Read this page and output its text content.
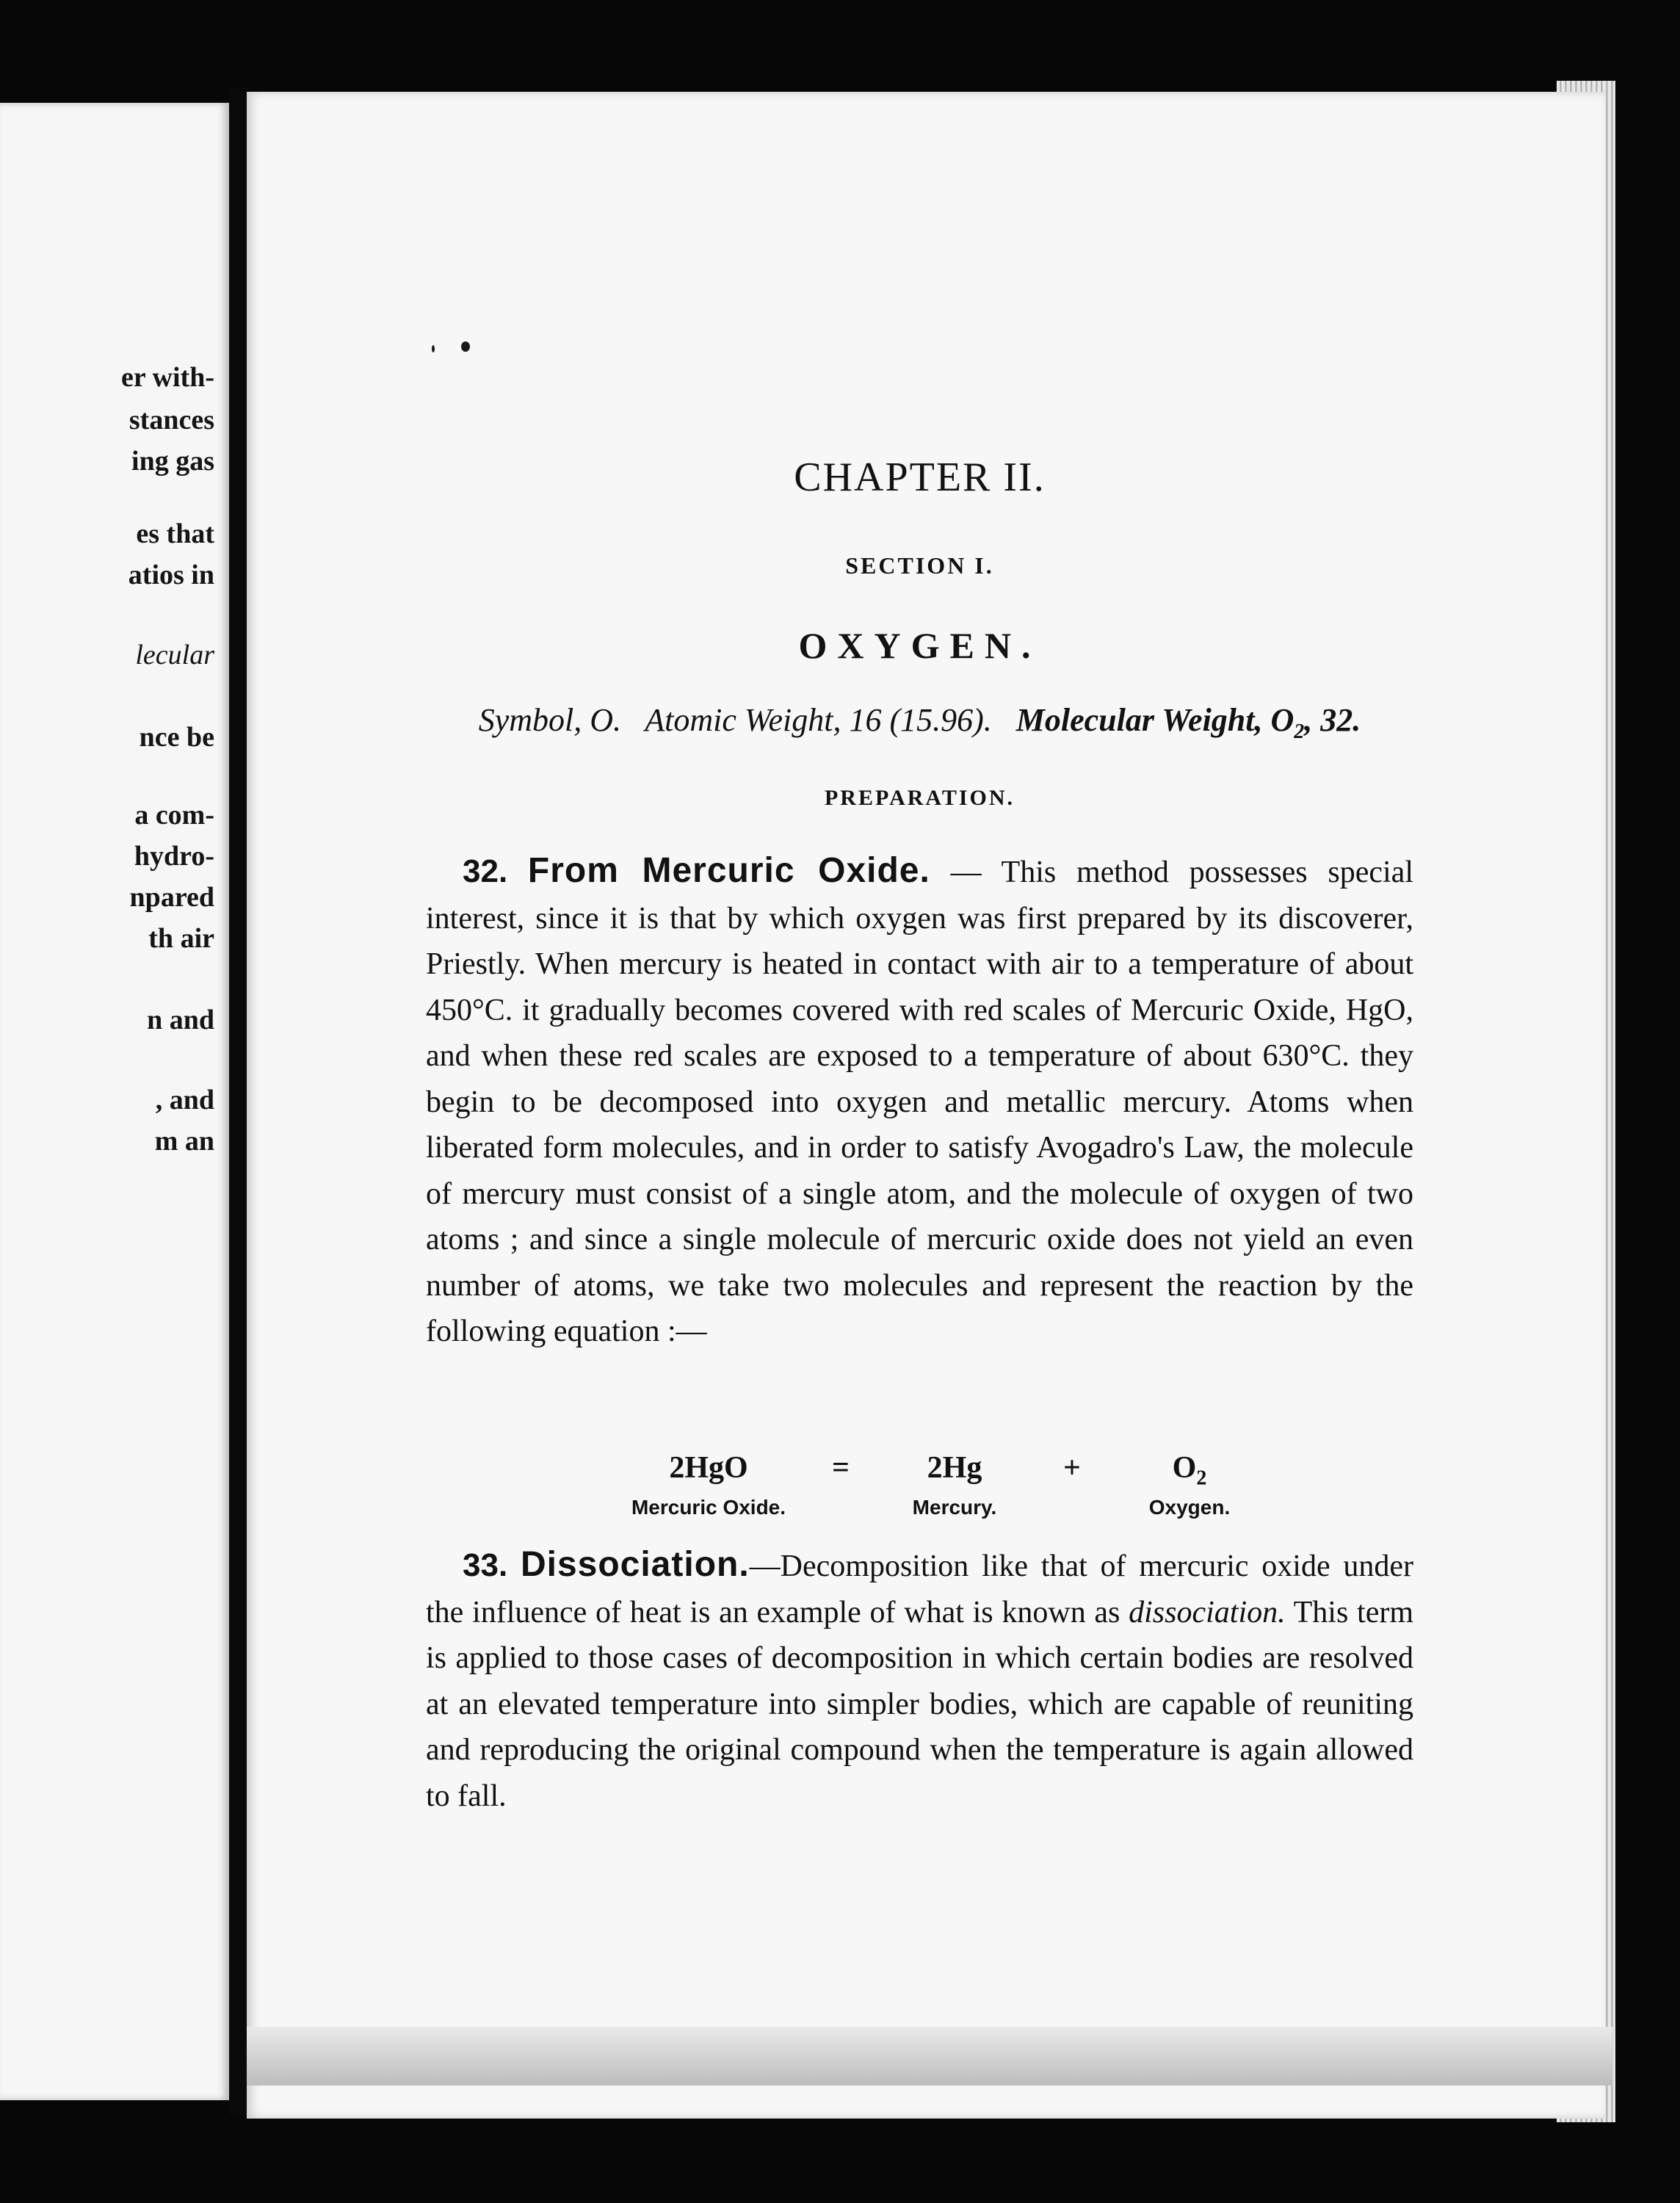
er with-
stances
ing gas
es that
atios in
lecular
nce be
a com-
hydro-
npared
th air
n and
, and
m an
CHAPTER II.
SECTION I.
OXYGEN.
Symbol, O. Atomic Weight, 16 (15.96). Molecular Weight, $O_2$, 32.
PREPARATION.
32. From Mercuric Oxide. — This method possesses special interest, since it is that by which oxygen was first prepared by its discoverer, Priestly. When mercury is heated in contact with air to a temperature of about 450°C. it gradually becomes covered with red scales of Mercuric Oxide, HgO, and when these red scales are exposed to a temperature of about 630°C. they begin to be decomposed into oxygen and metallic mercury. Atoms when liberated form molecules, and in order to satisfy Avogadro's Law, the molecule of mercury must consist of a single atom, and the molecule of oxygen of two atoms ; and since a single molecule of mercuric oxide does not yield an even number of atoms, we take two molecules and represent the reaction by the following equation :—
2HgO	=	2Hg	+	$O_2$
Mercuric Oxide.	Mercury.	Oxygen.
33. Dissociation.—Decomposition like that of mercuric oxide under the influence of heat is an example of what is known as dissociation. This term is applied to those cases of decomposition in which certain bodies are resolved at an elevated temperature into simpler bodies, which are capable of reuniting and reproducing the original compound when the temperature is again allowed to fall.
